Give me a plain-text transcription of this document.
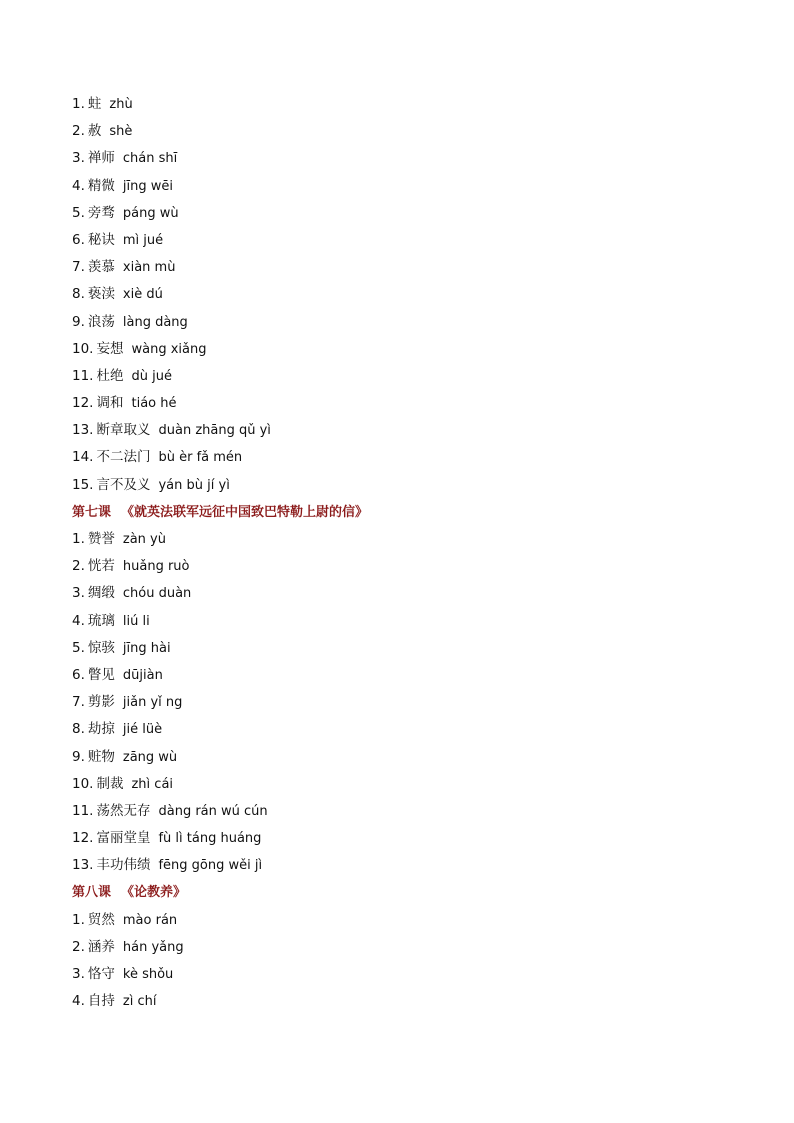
1. 蛀 zhù
2. 赦 shè
3. 禅师 chán shī
4. 精微 jīng wēi
5. 旁骛 páng wù
6. 秘诀 mì jué
7. 羡慕 xiàn mù
8. 亵渎 xiè dú
9. 浪荡 làng dàng
10. 妄想 wàng xiǎng
11. 杜绝 dù jué
12. 调和 tiáo hé
13. 断章取义 duàn zhāng qǔ yì
14. 不二法门 bù èr fǎ mén
15. 言不及义 yán bù jí yì
第七课 《就英法联军远征中国致巴特勒上尉的信》
1. 赞誉 zàn yù
2. 恍若 huǎng ruò
3. 绸缎 chóu duàn
4. 琉璃 liú li
5. 惊骇 jīng hài
6. 瞥见 dūjiàn
7. 剪影 jiǎn yǐ ng
8. 劫掠 jié lüè
9. 赃物 zāng wù
10. 制裁 zhì cái
11. 荡然无存 dàng rán wú cún
12. 富丽堂皇 fù lì táng huáng
13. 丰功伟绩 fēng gōng wěi jì
第八课 《论教养》
1. 贸然 mào rán
2. 涵养 hán yǎng
3. 恪守 kè shǒu
4. 自持 zì chí
